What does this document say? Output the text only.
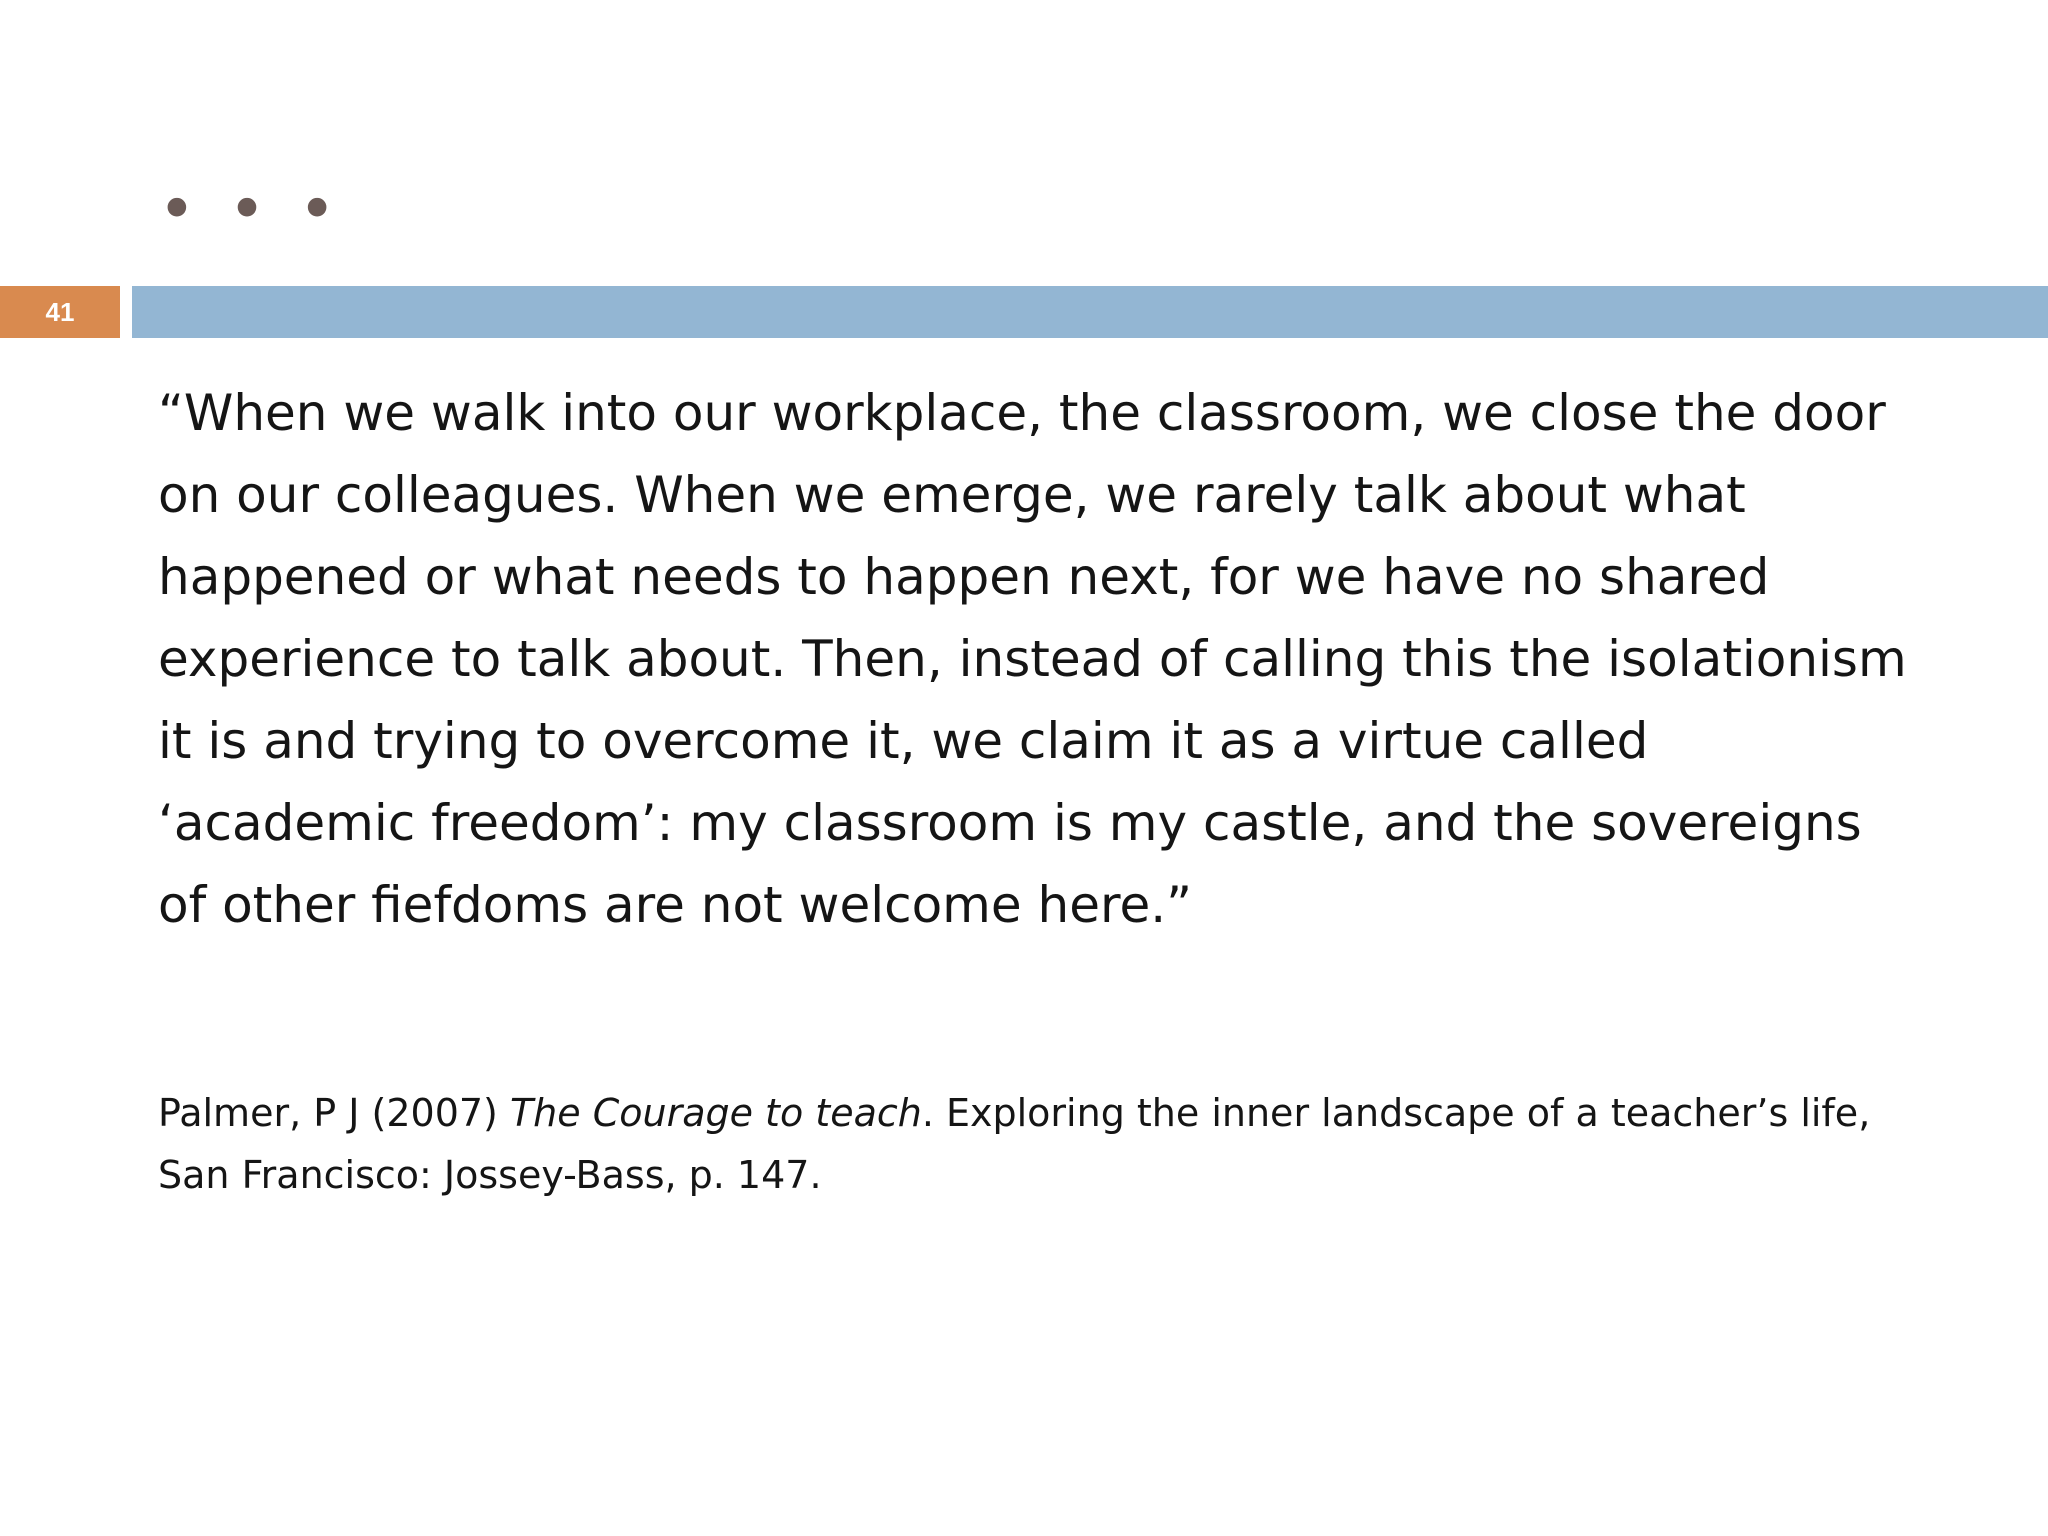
• • •
41

“When we walk into our workplace, the classroom, we close the door on our colleagues. When we emerge, we rarely talk about what happened or what needs to happen next, for we have no shared experience to talk about. Then, instead of calling this the isolationism it is and trying to overcome it, we claim it as a virtue called ‘academic freedom’: my classroom is my castle, and the sovereigns of other fiefdoms are not welcome here.”

Palmer, P J (2007) The Courage to teach. Exploring the inner landscape of a teacher’s life, San Francisco: Jossey-Bass, p. 147.
